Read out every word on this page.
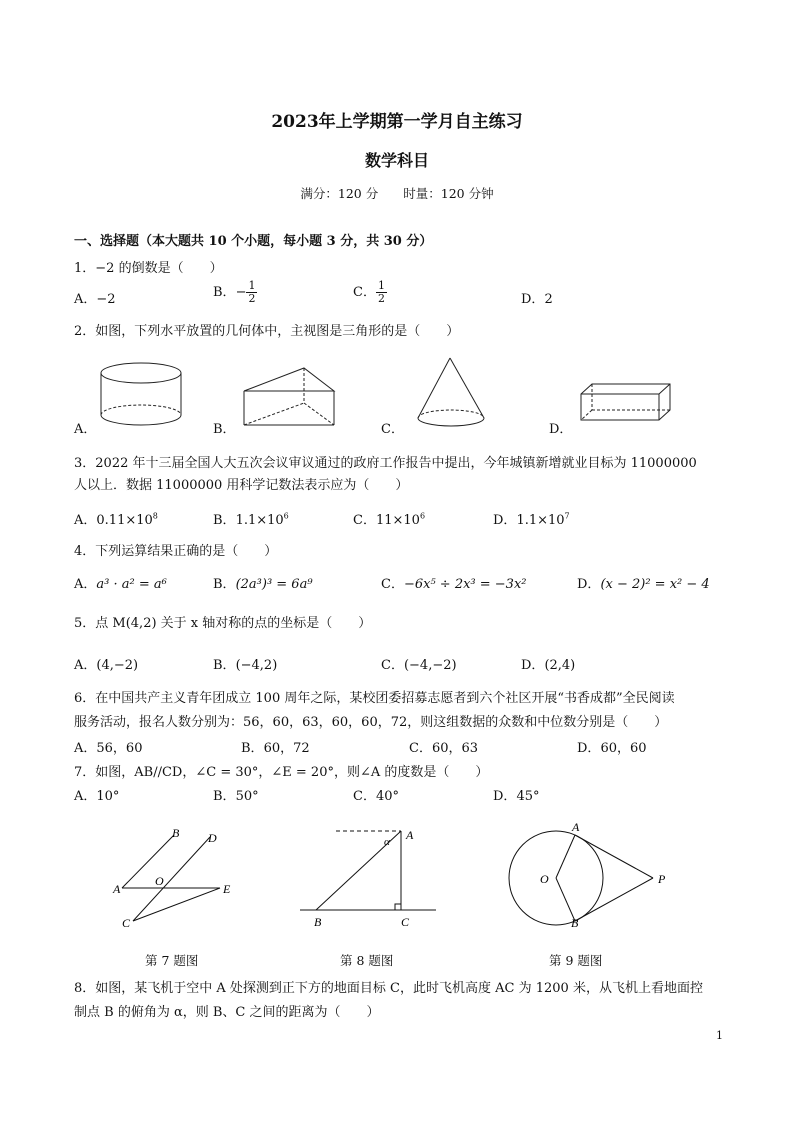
2023年上学期第一学月自主练习
数学科目
满分：120 分　　时量：120 分钟
一、选择题（本大题共 10 个小题，每小题 3 分，共 30 分）
1．−2 的倒数是（　　）
A．−2	B．− $\frac{1}{2}$	C． $\frac{1}{2}$	D．2
2．如图，下列水平放置的几何体中，主视图是三角形的是（　　）
A．	B．	C．	D．
3．2022 年十三届全国人大五次会议审议通过的政府工作报告中提出，今年城镇新增就业目标为 11000000
人以上．数据 11000000 用科学记数法表示应为（　　）
A．$0.11\times 10^8$	B．$1.1\times 10^6$	C．$11\times 10^6$	D．$1.1\times 10^7$
4．下列运算结果正确的是（　　）
A．a³ · a² = a⁶	B．(2a³)³ = 6a⁹	C．−6x⁵ ÷ 2x³ = −3x²	D．(x − 2)² = x² − 4
5．点 M(4,2) 关于 x 轴对称的点的坐标是（　　）
A．(4,−2)	B．(−4,2)	C．(−4,−2)	D．(2,4)
6．在中国共产主义青年团成立 100 周年之际，某校团委招募志愿者到六个社区开展“书香成都”全民阅读
服务活动，报名人数分别为：56，60，63，60，60，72，则这组数据的众数和中位数分别是（　　）
A．56，60	B．60，72	C．60，63	D．60，60
7．如图，AB//CD，∠C = 30°，∠E = 20°，则∠A 的度数是（　　）
A．10°	B．50°	C．40°	D．45°
B D
A
O
E
C
第 7 题图
A
α
B	C
第 8 题图
A
O	P
B
第 9 题图
8．如图，某飞机于空中 A 处探测到正下方的地面目标 C，此时飞机高度 AC 为 1200 米，从飞机上看地面控
制点 B 的俯角为 α，则 B、C 之间的距离为（　　）
1
